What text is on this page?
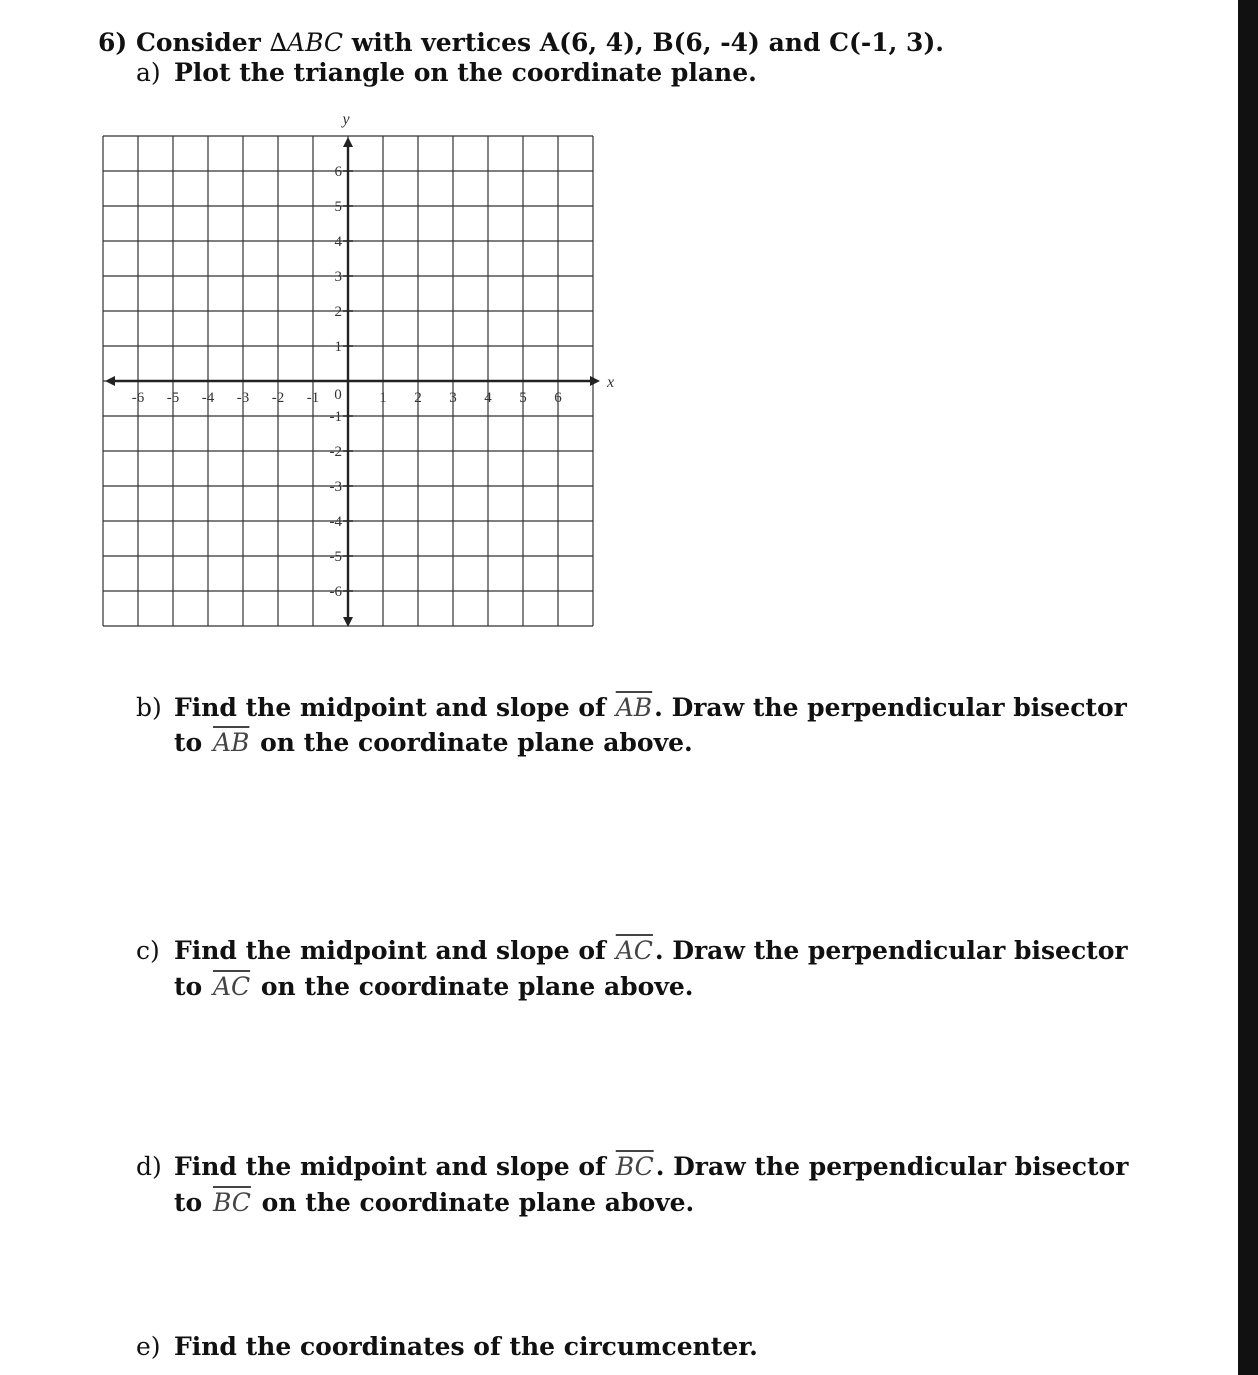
6) Consider ∆ABC with vertices A(6, 4), B(6, -4) and C(-1, 3).
a) Plot the triangle on the coordinate plane.
-6 -5 -4 -3 -2 -1 0	1 2 3 4 5 6
1
2
3
4
5
6
-1
-2
-3
-4
-5
-6
x
y
b) Find the midpoint and slope of $\overline{AB}$. Draw the perpendicular bisector
to $\overline{AB}$ on the coordinate plane above.
c) Find the midpoint and slope of $\overline{AC}$. Draw the perpendicular bisector
to $\overline{AC}$ on the coordinate plane above.
d) Find the midpoint and slope of $\overline{BC}$. Draw the perpendicular bisector
to $\overline{BC}$ on the coordinate plane above.
e) Find the coordinates of the circumcenter.
